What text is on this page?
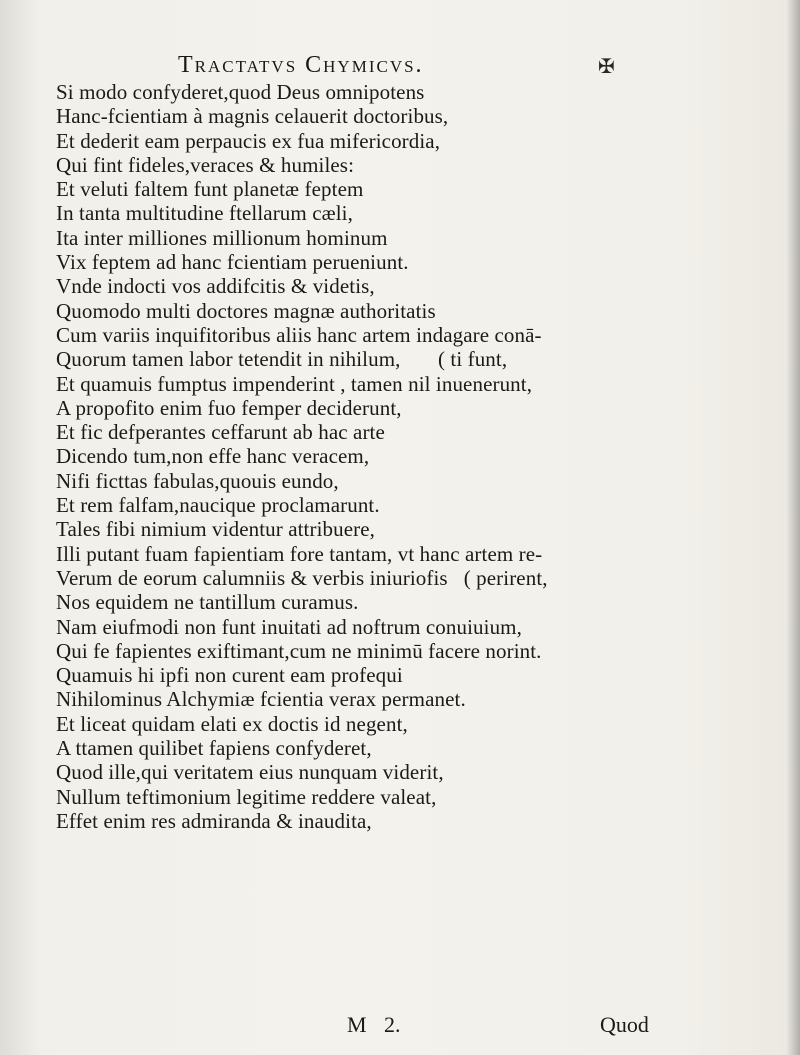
Tractatvs Chymicvs.	✠
Si modo confyderet,quod Deus omnipotens
Hanc-fcientiam à magnis celauerit doctoribus,
Et dederit eam perpaucis ex fua mifericordia,
Qui fint fideles,veraces & humiles:
Et veluti faltem funt planetæ feptem
In tanta multitudine ftellarum cæli,
Ita inter milliones millionum hominum
Vix feptem ad hanc fcientiam perueniunt.
Vnde indocti vos addifcitis & videtis,
Quomodo multi doctores magnæ authoritatis
Cum variis inquifitoribus aliis hanc artem indagare conā-
Quorum tamen labor tetendit in nihilum,       ( ti funt,
Et quamuis fumptus impenderint , tamen nil inuenerunt,
A propofito enim fuo femper deciderunt,
Et fic defperantes ceffarunt ab hac arte
Dicendo tum,non effe hanc veracem,
Nifi ficttas fabulas,quouis eundo,
Et rem falfam,naucique proclamarunt.
Tales fibi nimium videntur attribuere,
Illi putant fuam fapientiam fore tantam, vt hanc artem re-
Verum de eorum calumniis & verbis iniuriofis   ( perirent,
Nos equidem ne tantillum curamus.
Nam eiufmodi non funt inuitati ad noftrum conuiuium,
Qui fe fapientes exiftimant,cum ne minimū facere norint.
Quamuis hi ipfi non curent eam profequi
Nihilominus Alchymiæ fcientia verax permanet.
Et liceat quidam elati ex doctis id negent,
A ttamen quilibet fapiens confyderet,
Quod ille,qui veritatem eius nunquam viderit,
Nullum teftimonium legitime reddere valeat,
Effet enim res admiranda & inaudita,
M 2.	Quod
